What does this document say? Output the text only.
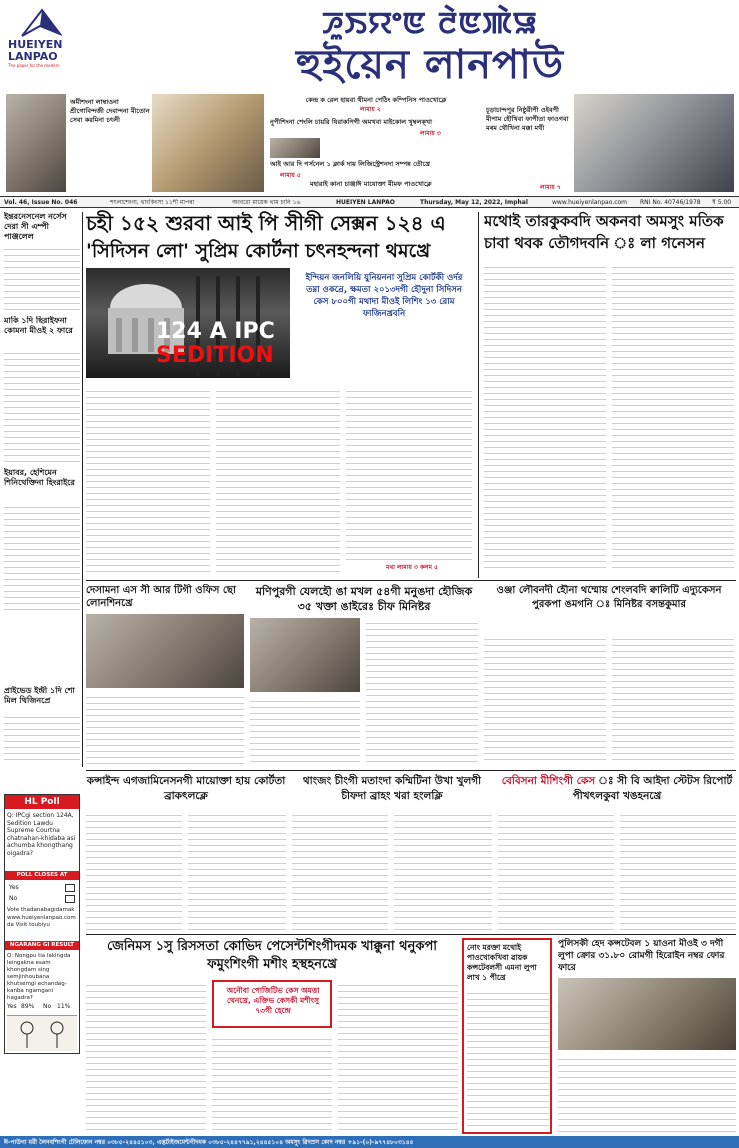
HUEIYEN
LANPAO
The paper for the modern
ꯍꯨꯏꯌꯦꯟ ꯂꯥꯟꯄꯥꯎ
হুইয়েন লানপাউ
অমীশংনা লাম্বাওনা শ্রীগোবিন্দজী দেবান্দনা মীতোন সেবা করমিনা চৎলী
কেন্দ্ৰ ক রেল হায়বা থীমনা পেঠিং কম্পিনিস পাওখোক্লে
লামায় ২
নুপীশিংনা শেংলি চায়রি যিরাকপিগী অমখবা মাইকোল খুম্বলক্খা
লামায় ৩
আই আর দি পর্সনেল ১ ক্লার্ক দায় লিজিস্ট্রেশনদা সম্পন্ন তৌখ্রে
লামায় ৫
মহারাই কানা চাঞ্জাঈ মাযোক্তা মীমফ পাওখোক্লে
চূড়াচান্দপুর নিষ্ঠুরীপী ওইবপী মীপাম হৌখিবা ফাপীতা ফাওগবা মৰম থৌখিনা মক্কা মথী
লামায় ৭
Vol. 46, Issue No. 046	শৎলাশেংনা, থাংকিংসা ১১শী মাপৰা	অংবরো মায়েক থাম চানি ১৬	HUEIYEN LANPAO	Thursday, May 12, 2022, Imphal	www.hueiyenlanpao.com	RNI No. 40746/1978	₹ 5.00
ইন্তরনেসনেল নর্সেস দেরা সী এম্পী পাঞ্জলেল
মাকি ১দি ছিরাইফনা কোমনা মীওই ২ ফারে
ইয়াবর, হেশিমেন শিনিথেক্তিনা হিংরাইরে
প্রাইভেড ইন্দ্রী ১দি শো মিল থিজিনপ্রে
চহী ১৫২ শুরবা আই পি সীগী সেক্সন ১২৪ এ
'সিদিসন লো' সুপ্রিম কোর্টনা চৎনহন্দনা থমখ্রে
124 A IPC
SEDITION
ইন্দিয়ন জনলিয়ি যুনিয়ননা সুপ্রিম কোর্টকী ওর্দর তম্না ওকন্রে, ক্ষমতা ২০১৩দগী হৌদুনা সিদিসন কেস ৮০০গী মথাদা মীওই লিশিং ১৩ রোম ফাজিনখ্রবনি
মথা লামায় ৩ কলম ৫
মথোই তারকুকবদি অকনবা অমসুং মতিক চাবা থবক তৌগদবনি ঃ লা গনেসন
দেসামনা এস সী আর টিগী ওফিস ছো লোনশিনখ্রে
মণিপুরগী যেলহৌ ঙা মখল ৫৪গী মনুঙদা হৌজিক ৩৫ খক্তা ঙাইরেঃ চীফ মিনিষ্টর
ওঞ্জা লৌবনদী হৌনা থম্মোয় শেংলবদি ক্বালিটি এদ্যুকেসন পুরকপা ঙমগনি ঃ মিনিষ্টর বসন্তকুমার
HL Poll
Q: IPCgi section 124A, Sedition Lawdu Supreme Courtna chatnahan-khidaba asi achumba khongthang oigadra?
POLL CLOSES AT MIDNIGHT
Yes
No
Vote thadanabagidamak www.hueiyenlanpao.com da Visit toubiyu
NGARANG GI RESULT
Q: Nongpu tia lakingda leingakna esam khongdam sing semjinhoubana khutsemgi echandag-kanba ngamgani hagadra?
Yes 89%	No 11%
কন্সাইন্দ এগজামিনেসনগী মায়োক্তা হায় কোর্টতা ব্রাকৎলক্লে
থাংজং চীংগী মতাংদা কম্মিটিনা উখা খুলগী চীফদা ব্রাহং খরা হংলক্লি
বেবিসনা মীশিংগী কেস ঃ সী বি আইদা স্টেটস রিপোর্ট পীখৎলকুবা খঙহনখ্রে
জেনিমস ১সু রিসসতা কোভিদ পেসেন্টশিংগীদমক খাক্কুনা থনুকপা ফমুংশিংগী মশীং হস্থহনখ্রে
অনৌবা পোজিটিভ কেস অমত্তা থেনখ্রে, এক্তিভ কেসকী মশীংসু ৭৩গী হেন্দ্রে
নোং মরক্তা মথোই পাওখোকখিবা ৱায়ক কন্সটেবলসী এমনা লুপা লাখ ১ পীখ্রে
পুলিসকী হেদ কন্সটেবল ১ য়াওনা মীওই ৩ দগী লুপা ক্রোর ৩১.৮০ রোমগী হিরোইন নম্বর ফোর ফারে
ঈ-পাউগা মরী লৈনবশিংগী টেলিফোন নম্বর ০৩৮৫-২৪৪৫১০৩, এদ্ভর্টাইজমেন্টগীদমক ০৩৮৫-২৪৪৭৭৯১,২৪৪৫১০৪ অমসুং ৱিদস্রস কোদ নম্বর +৯১-(০)-৯৭৭৪৮০৩১৪৫
